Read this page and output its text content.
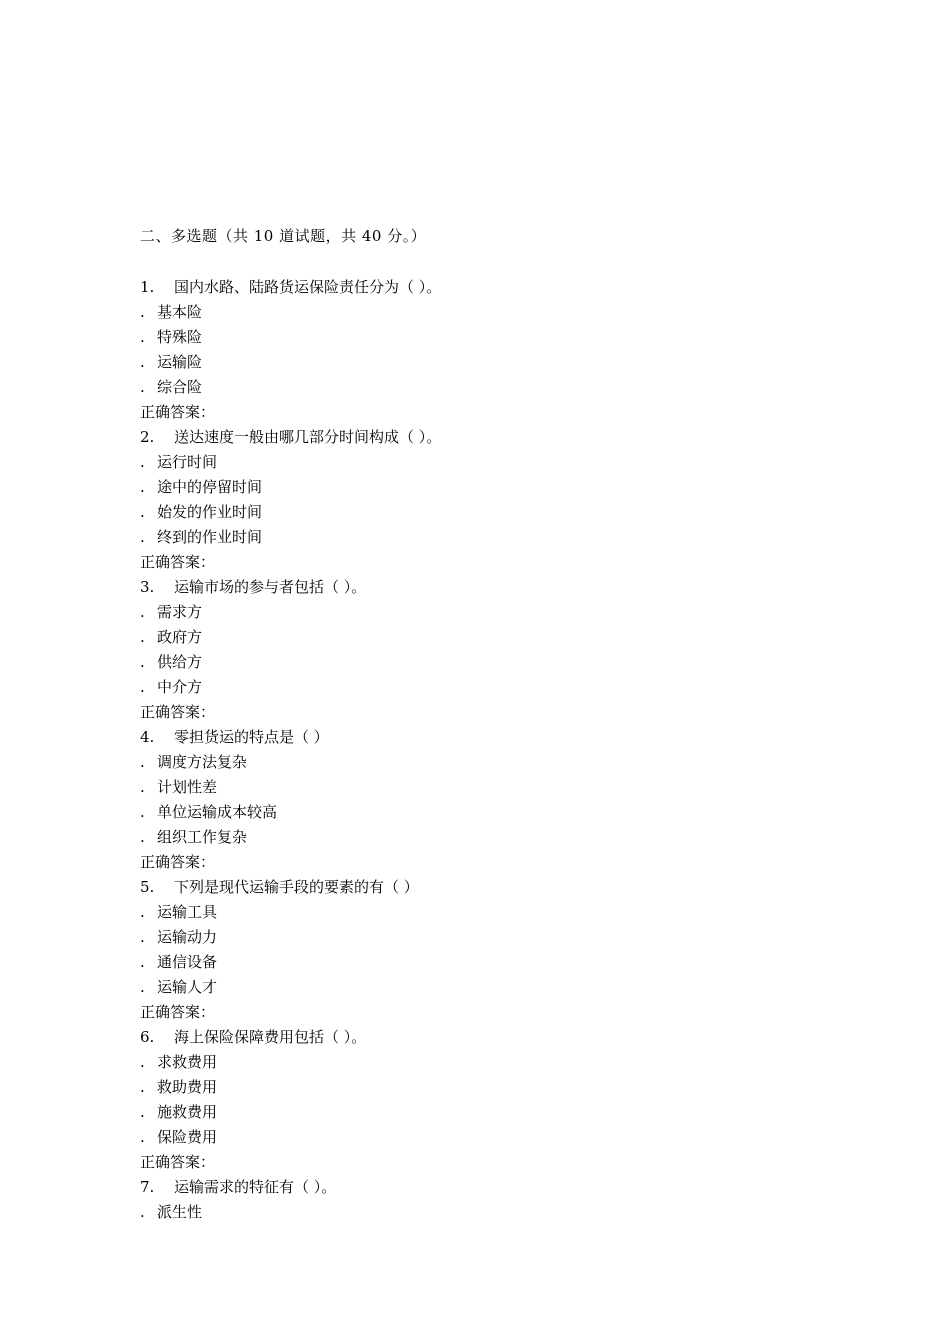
二、多选题（共 10 道试题，共 40 分。）
1. 国内水路、陆路货运保险责任分为（ ）。
. 基本险
. 特殊险
. 运输险
. 综合险
正确答案：
2. 送达速度一般由哪几部分时间构成（ ）。
. 运行时间
. 途中的停留时间
. 始发的作业时间
. 终到的作业时间
正确答案：
3. 运输市场的参与者包括（ ）。
. 需求方
. 政府方
. 供给方
. 中介方
正确答案：
4. 零担货运的特点是（ ）
. 调度方法复杂
. 计划性差
. 单位运输成本较高
. 组织工作复杂
正确答案：
5. 下列是现代运输手段的要素的有（ ）
. 运输工具
. 运输动力
. 通信设备
. 运输人才
正确答案：
6. 海上保险保障费用包括（ ）。
. 求救费用
. 救助费用
. 施救费用
. 保险费用
正确答案：
7. 运输需求的特征有（ ）。
. 派生性
